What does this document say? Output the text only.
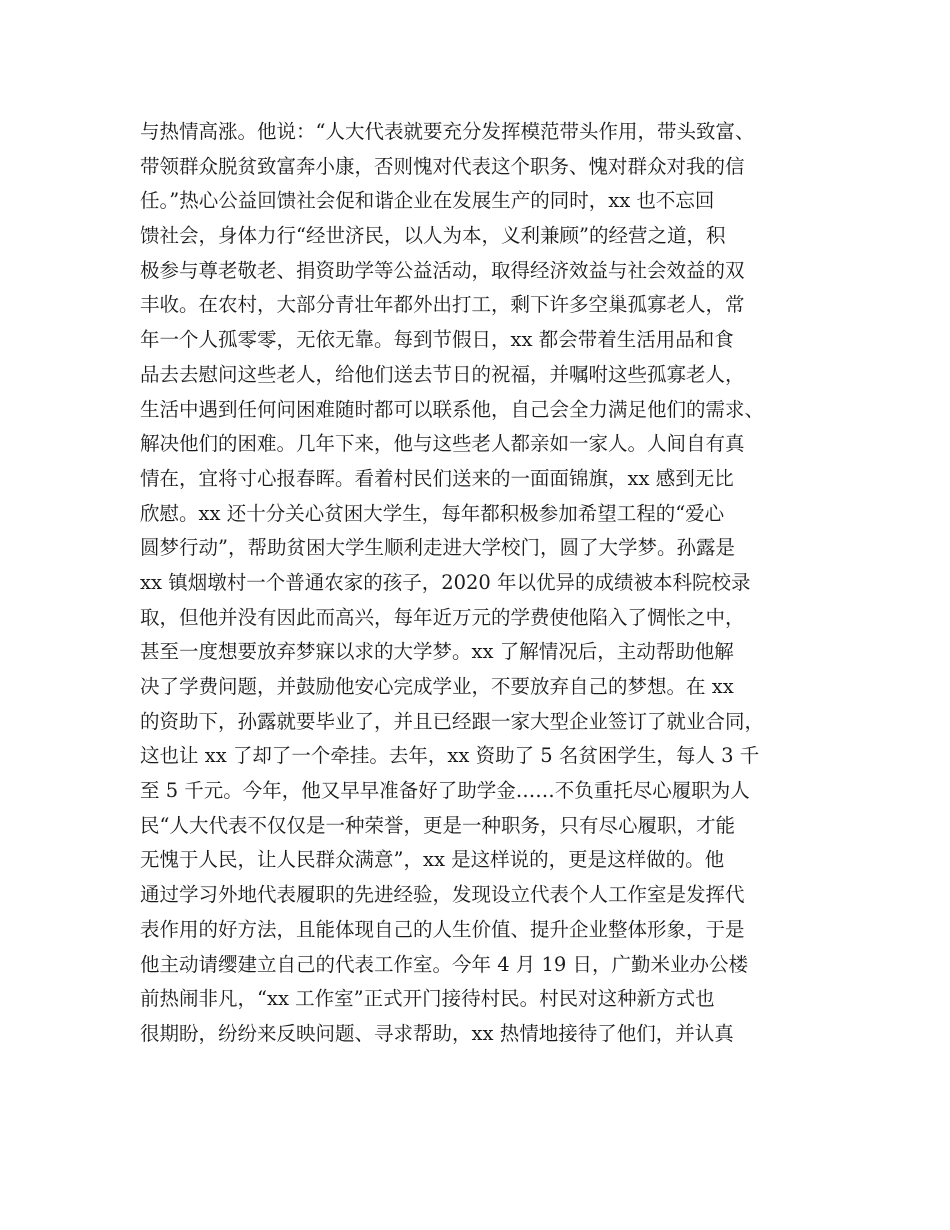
与热情高涨。他说：“人大代表就要充分发挥模范带头作用，带头致富、
带领群众脱贫致富奔小康，否则愧对代表这个职务、愧对群众对我的信
任。”热心公益回馈社会促和谐企业在发展生产的同时，xx 也不忘回
馈社会，身体力行“经世济民，以人为本，义利兼顾”的经营之道，积
极参与尊老敬老、捐资助学等公益活动，取得经济效益与社会效益的双
丰收。在农村，大部分青壮年都外出打工，剩下许多空巢孤寡老人，常
年一个人孤零零，无依无靠。每到节假日，xx 都会带着生活用品和食
品去去慰问这些老人，给他们送去节日的祝福，并嘱咐这些孤寡老人，
生活中遇到任何问困难随时都可以联系他，自己会全力满足他们的需求、
解决他们的困难。几年下来，他与这些老人都亲如一家人。人间自有真
情在，宜将寸心报春晖。看着村民们送来的一面面锦旗，xx 感到无比
欣慰。xx 还十分关心贫困大学生，每年都积极参加希望工程的“爱心
圆梦行动”，帮助贫困大学生顺利走进大学校门，圆了大学梦。孙露是
xx 镇烟墩村一个普通农家的孩子，2020 年以优异的成绩被本科院校录
取，但他并没有因此而高兴，每年近万元的学费使他陷入了惆怅之中，
甚至一度想要放弃梦寐以求的大学梦。xx 了解情况后，主动帮助他解
决了学费问题，并鼓励他安心完成学业，不要放弃自己的梦想。在 xx
的资助下，孙露就要毕业了，并且已经跟一家大型企业签订了就业合同，
这也让 xx 了却了一个牵挂。去年，xx 资助了 5 名贫困学生，每人 3 千
至 5 千元。今年，他又早早准备好了助学金……不负重托尽心履职为人
民“人大代表不仅仅是一种荣誉，更是一种职务，只有尽心履职，才能
无愧于人民，让人民群众满意”，xx 是这样说的，更是这样做的。他
通过学习外地代表履职的先进经验，发现设立代表个人工作室是发挥代
表作用的好方法，且能体现自己的人生价值、提升企业整体形象，于是
他主动请缨建立自己的代表工作室。今年 4 月 19 日，广勤米业办公楼
前热闹非凡，“xx 工作室”正式开门接待村民。村民对这种新方式也
很期盼，纷纷来反映问题、寻求帮助，xx 热情地接待了他们，并认真
